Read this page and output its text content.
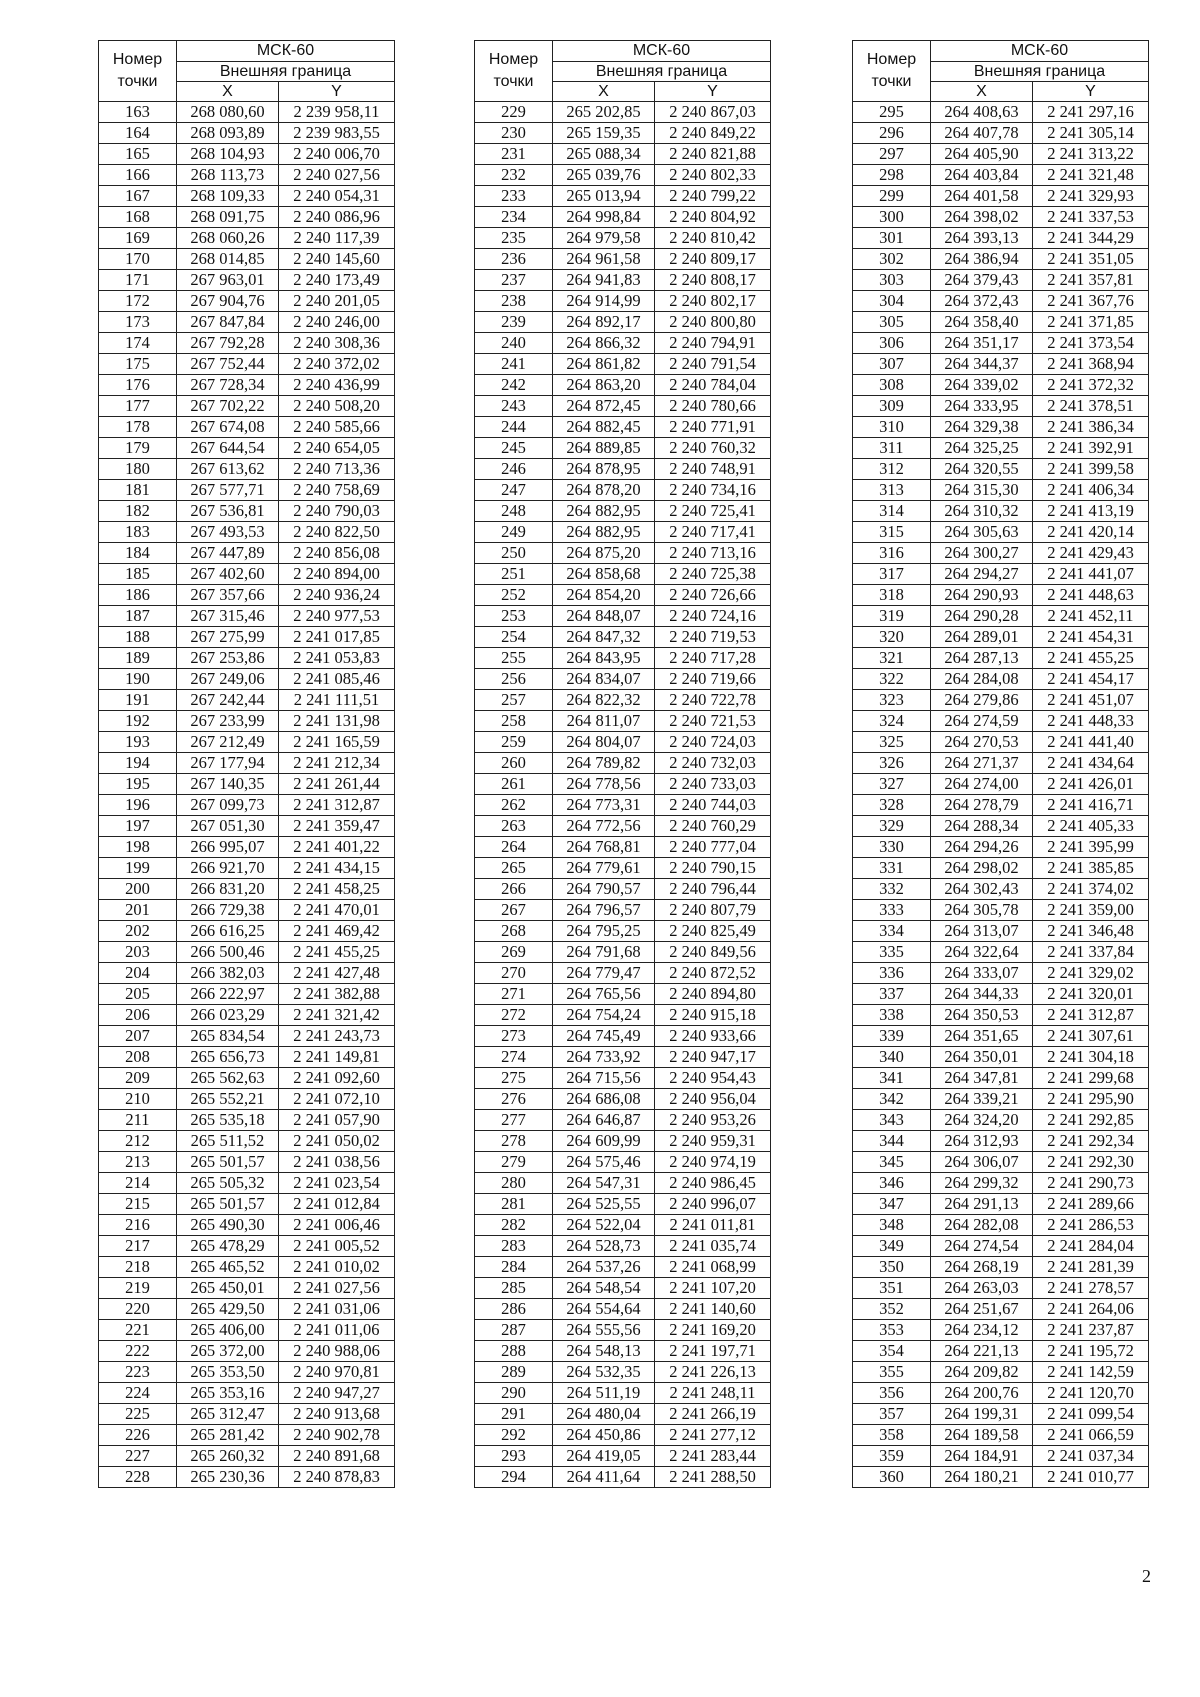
Номер
точки	МСК-60	
	Внешняя граница	
	X	Y
163	268 080,60	2 239 958,11
164	268 093,89	2 239 983,55
165	268 104,93	2 240 006,70
166	268 113,73	2 240 027,56
167	268 109,33	2 240 054,31
168	268 091,75	2 240 086,96
169	268 060,26	2 240 117,39
170	268 014,85	2 240 145,60
171	267 963,01	2 240 173,49
172	267 904,76	2 240 201,05
173	267 847,84	2 240 246,00
174	267 792,28	2 240 308,36
175	267 752,44	2 240 372,02
176	267 728,34	2 240 436,99
177	267 702,22	2 240 508,20
178	267 674,08	2 240 585,66
179	267 644,54	2 240 654,05
180	267 613,62	2 240 713,36
181	267 577,71	2 240 758,69
182	267 536,81	2 240 790,03
183	267 493,53	2 240 822,50
184	267 447,89	2 240 856,08
185	267 402,60	2 240 894,00
186	267 357,66	2 240 936,24
187	267 315,46	2 240 977,53
188	267 275,99	2 241 017,85
189	267 253,86	2 241 053,83
190	267 249,06	2 241 085,46
191	267 242,44	2 241 111,51
192	267 233,99	2 241 131,98
193	267 212,49	2 241 165,59
194	267 177,94	2 241 212,34
195	267 140,35	2 241 261,44
196	267 099,73	2 241 312,87
197	267 051,30	2 241 359,47
198	266 995,07	2 241 401,22
199	266 921,70	2 241 434,15
200	266 831,20	2 241 458,25
201	266 729,38	2 241 470,01
202	266 616,25	2 241 469,42
203	266 500,46	2 241 455,25
204	266 382,03	2 241 427,48
205	266 222,97	2 241 382,88
206	266 023,29	2 241 321,42
207	265 834,54	2 241 243,73
208	265 656,73	2 241 149,81
209	265 562,63	2 241 092,60
210	265 552,21	2 241 072,10
211	265 535,18	2 241 057,90
212	265 511,52	2 241 050,02
213	265 501,57	2 241 038,56
214	265 505,32	2 241 023,54
215	265 501,57	2 241 012,84
216	265 490,30	2 241 006,46
217	265 478,29	2 241 005,52
218	265 465,52	2 241 010,02
219	265 450,01	2 241 027,56
220	265 429,50	2 241 031,06
221	265 406,00	2 241 011,06
222	265 372,00	2 240 988,06
223	265 353,50	2 240 970,81
224	265 353,16	2 240 947,27
225	265 312,47	2 240 913,68
226	265 281,42	2 240 902,78
227	265 260,32	2 240 891,68
228	265 230,36	2 240 878,83
Номер
точки	МСК-60	
	Внешняя граница	
	X	Y
229	265 202,85	2 240 867,03
230	265 159,35	2 240 849,22
231	265 088,34	2 240 821,88
232	265 039,76	2 240 802,33
233	265 013,94	2 240 799,22
234	264 998,84	2 240 804,92
235	264 979,58	2 240 810,42
236	264 961,58	2 240 809,17
237	264 941,83	2 240 808,17
238	264 914,99	2 240 802,17
239	264 892,17	2 240 800,80
240	264 866,32	2 240 794,91
241	264 861,82	2 240 791,54
242	264 863,20	2 240 784,04
243	264 872,45	2 240 780,66
244	264 882,45	2 240 771,91
245	264 889,85	2 240 760,32
246	264 878,95	2 240 748,91
247	264 878,20	2 240 734,16
248	264 882,95	2 240 725,41
249	264 882,95	2 240 717,41
250	264 875,20	2 240 713,16
251	264 858,68	2 240 725,38
252	264 854,20	2 240 726,66
253	264 848,07	2 240 724,16
254	264 847,32	2 240 719,53
255	264 843,95	2 240 717,28
256	264 834,07	2 240 719,66
257	264 822,32	2 240 722,78
258	264 811,07	2 240 721,53
259	264 804,07	2 240 724,03
260	264 789,82	2 240 732,03
261	264 778,56	2 240 733,03
262	264 773,31	2 240 744,03
263	264 772,56	2 240 760,29
264	264 768,81	2 240 777,04
265	264 779,61	2 240 790,15
266	264 790,57	2 240 796,44
267	264 796,57	2 240 807,79
268	264 795,25	2 240 825,49
269	264 791,68	2 240 849,56
270	264 779,47	2 240 872,52
271	264 765,56	2 240 894,80
272	264 754,24	2 240 915,18
273	264 745,49	2 240 933,66
274	264 733,92	2 240 947,17
275	264 715,56	2 240 954,43
276	264 686,08	2 240 956,04
277	264 646,87	2 240 953,26
278	264 609,99	2 240 959,31
279	264 575,46	2 240 974,19
280	264 547,31	2 240 986,45
281	264 525,55	2 240 996,07
282	264 522,04	2 241 011,81
283	264 528,73	2 241 035,74
284	264 537,26	2 241 068,99
285	264 548,54	2 241 107,20
286	264 554,64	2 241 140,60
287	264 555,56	2 241 169,20
288	264 548,13	2 241 197,71
289	264 532,35	2 241 226,13
290	264 511,19	2 241 248,11
291	264 480,04	2 241 266,19
292	264 450,86	2 241 277,12
293	264 419,05	2 241 283,44
294	264 411,64	2 241 288,50
Номер
точки	МСК-60	
	Внешняя граница	
	X	Y
295	264 408,63	2 241 297,16
296	264 407,78	2 241 305,14
297	264 405,90	2 241 313,22
298	264 403,84	2 241 321,48
299	264 401,58	2 241 329,93
300	264 398,02	2 241 337,53
301	264 393,13	2 241 344,29
302	264 386,94	2 241 351,05
303	264 379,43	2 241 357,81
304	264 372,43	2 241 367,76
305	264 358,40	2 241 371,85
306	264 351,17	2 241 373,54
307	264 344,37	2 241 368,94
308	264 339,02	2 241 372,32
309	264 333,95	2 241 378,51
310	264 329,38	2 241 386,34
311	264 325,25	2 241 392,91
312	264 320,55	2 241 399,58
313	264 315,30	2 241 406,34
314	264 310,32	2 241 413,19
315	264 305,63	2 241 420,14
316	264 300,27	2 241 429,43
317	264 294,27	2 241 441,07
318	264 290,93	2 241 448,63
319	264 290,28	2 241 452,11
320	264 289,01	2 241 454,31
321	264 287,13	2 241 455,25
322	264 284,08	2 241 454,17
323	264 279,86	2 241 451,07
324	264 274,59	2 241 448,33
325	264 270,53	2 241 441,40
326	264 271,37	2 241 434,64
327	264 274,00	2 241 426,01
328	264 278,79	2 241 416,71
329	264 288,34	2 241 405,33
330	264 294,26	2 241 395,99
331	264 298,02	2 241 385,85
332	264 302,43	2 241 374,02
333	264 305,78	2 241 359,00
334	264 313,07	2 241 346,48
335	264 322,64	2 241 337,84
336	264 333,07	2 241 329,02
337	264 344,33	2 241 320,01
338	264 350,53	2 241 312,87
339	264 351,65	2 241 307,61
340	264 350,01	2 241 304,18
341	264 347,81	2 241 299,68
342	264 339,21	2 241 295,90
343	264 324,20	2 241 292,85
344	264 312,93	2 241 292,34
345	264 306,07	2 241 292,30
346	264 299,32	2 241 290,73
347	264 291,13	2 241 289,66
348	264 282,08	2 241 286,53
349	264 274,54	2 241 284,04
350	264 268,19	2 241 281,39
351	264 263,03	2 241 278,57
352	264 251,67	2 241 264,06
353	264 234,12	2 241 237,87
354	264 221,13	2 241 195,72
355	264 209,82	2 241 142,59
356	264 200,76	2 241 120,70
357	264 199,31	2 241 099,54
358	264 189,58	2 241 066,59
359	264 184,91	2 241 037,34
360	264 180,21	2 241 010,77
2
